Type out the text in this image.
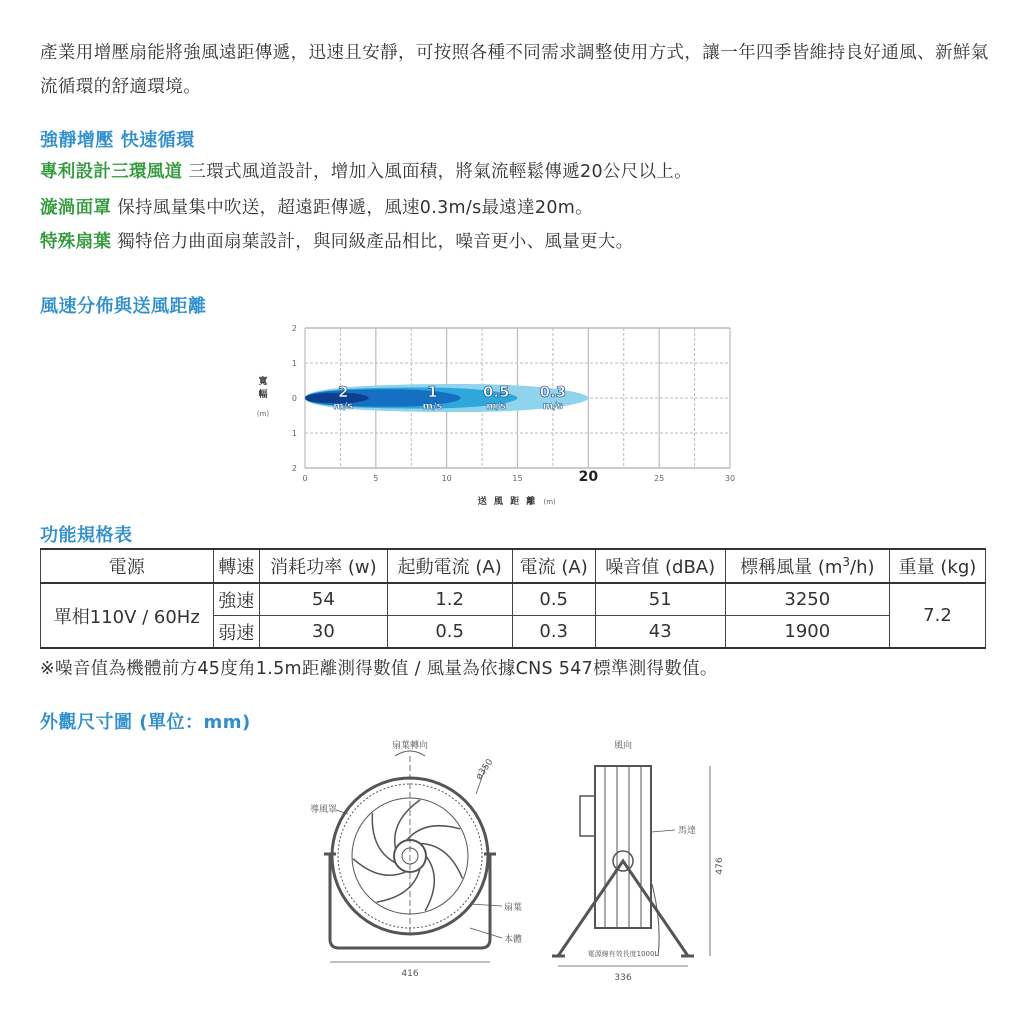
產業用增壓扇能將強風遠距傳遞，迅速且安靜，可按照各種不同需求調整使用方式，讓一年四季皆維持良好通風、新鮮氣流循環的舒適環境。
強靜增壓 快速循環
專利設計三環風道 三環式風道設計，增加入風面積，將氣流輕鬆傳遞20公尺以上。
漩渦面罩 保持風量集中吹送，超遠距傳遞，風速0.3m/s最遠達20m。
特殊扇葉 獨特倍力曲面扇葉設計，與同級產品相比，噪音更小、風量更大。
風速分佈與送風距離
0.3
m/s
0.5
m/s
1
m/s
2
m/s
0	5	10	15	20	25	30
2
1
0
1
2
寬
幅
(m)
送 風 距 離 (m)
功能規格表
電源	轉速	消耗功率 (w)	起動電流 (A)	電流 (A)	噪音值 (dBA)	標稱風量 $(m^3/h)$	重量 (kg)
單相110V / 60Hz	強速	54	1.2	0.5	51	3250	7.2
	弱速	30	0.5	0.3	43	1900	
※噪音值為機體前方45度角1.5m距離測得數值 / 風量為依據CNS 547標準測得數值。
外觀尺寸圖 (單位：mm)
扇葉轉向
ø350
導風罩
扇葉
本體
416
風向
馬達
476
電源線有效長度1000L
336
